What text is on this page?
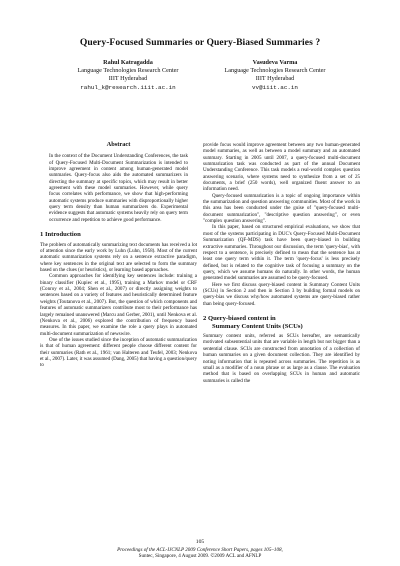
Query-Focused Summaries or Query-Biased Summaries ?
Rahul Katragadda
Language Technologies Research Center
IIIT Hyderabad
rahul_k@research.iiit.ac.in
Vasudeva Varma
Language Technologies Research Center
IIIT Hyderabad
vv@iiit.ac.in
Abstract

In the context of the Document Understanding Conferences, the task of Query-Focused Multi-Document Summarization is intended to improve agreement in content among human-generated model summaries. Query-focus also aids the automated summarizers in directing the summary at specific topics, which may result in better agreement with these model summaries. However, while query focus correlates with performance, we show that high-performing automatic systems produce summaries with disproportionally higher query term density than human summarizers do. Experimental evidence suggests that automatic systems heavily rely on query term occurrence and repetition to achieve good performance.

1 Introduction

The problem of automatically summarizing text documents has received a lot of attention since the early work by Luhn (Luhn, 1958). Most of the current automatic summarization systems rely on a sentence extractive paradigm, where key sentences in the original text are selected to form the summary based on the clues (or heuristics), or learning based approaches.

Common approaches for identifying key sentences include: training a binary classifier (Kupiec et al., 1995), training a Markov model or CRF (Conroy et al., 2004; Shen et al., 2007) or directly assigning weights to sentences based on a variety of features and heuristically determined feature weights (Toutanova et al., 2007). But, the question of which components and features of automatic summarizers contribute most to their performance has largely remained unanswered (Marcu and Gerber, 2001), until Nenkova et al. (Nenkova et al., 2006) explored the contribution of frequency based measures. In this paper, we examine the role a query plays in automated multi-document summarization of newswire.

One of the issues studied since the inception of automatic summarization is that of human agreement: different people choose different content for their summaries (Rath et al., 1961; van Halteren and Teufel, 2003; Nenkova et al., 2007). Later, it was assumed (Dang, 2005) that having a question/query to

provide focus would improve agreement between any two human-generated model summaries, as well as between a model summary and an automated summary. Starting in 2005 until 2007, a query-focused multi-document summarization task was conducted as part of the annual Document Understanding Conference. This task models a real-world complex question answering scenario, where systems need to synthesize from a set of 25 documents, a brief (250 words), well organized fluent answer to an information need.

Query-focused summarization is a topic of ongoing importance within the summarization and question answering communities. Most of the work in this area has been conducted under the guise of "query-focused multi-document summarization", "descriptive question answering", or even "complex question answering".

In this paper, based on structured empirical evaluations, we show that most of the systems participating in DUC's Query-Focused Multi-Document Summarization (QF-MDS) task have been query-biased in building extractive summaries. Throughout our discussion, the term 'query-bias', with respect to a sentence, is precisely defined to mean that the sentence has at least one query term within it. The term 'query-focus' is less precisely defined, but is related to the cognitive task of focusing a summary on the query, which we assume humans do naturally. In other words, the human generated model summaries are assumed to be query-focused.

Here we first discuss query-biased content in Summary Content Units (SCUs) in Section 2 and then in Section 3 by building formal models on query-bias we discuss why/how automated systems are query-biased rather than being query-focused.

2 Query-biased content in
Summary Content Units (SCUs)

Summary content units, referred as SCUs hereafter, are semantically motivated subsentential units that are variable in length but not bigger than a sentential clause. SCUs are constructed from annotation of a collection of human summaries on a given document collection. They are identified by noting information that is repeated across summaries. The repetition is as small as a modifier of a noun phrase or as large as a clause. The evaluation method that is based on overlapping SCUs in human and automatic summaries is called the

105
Proceedings of the ACL-IJCNLP 2009 Conference Short Papers, pages 105–108,
Suntec, Singapore, 4 August 2009. ©2009 ACL and AFNLP
